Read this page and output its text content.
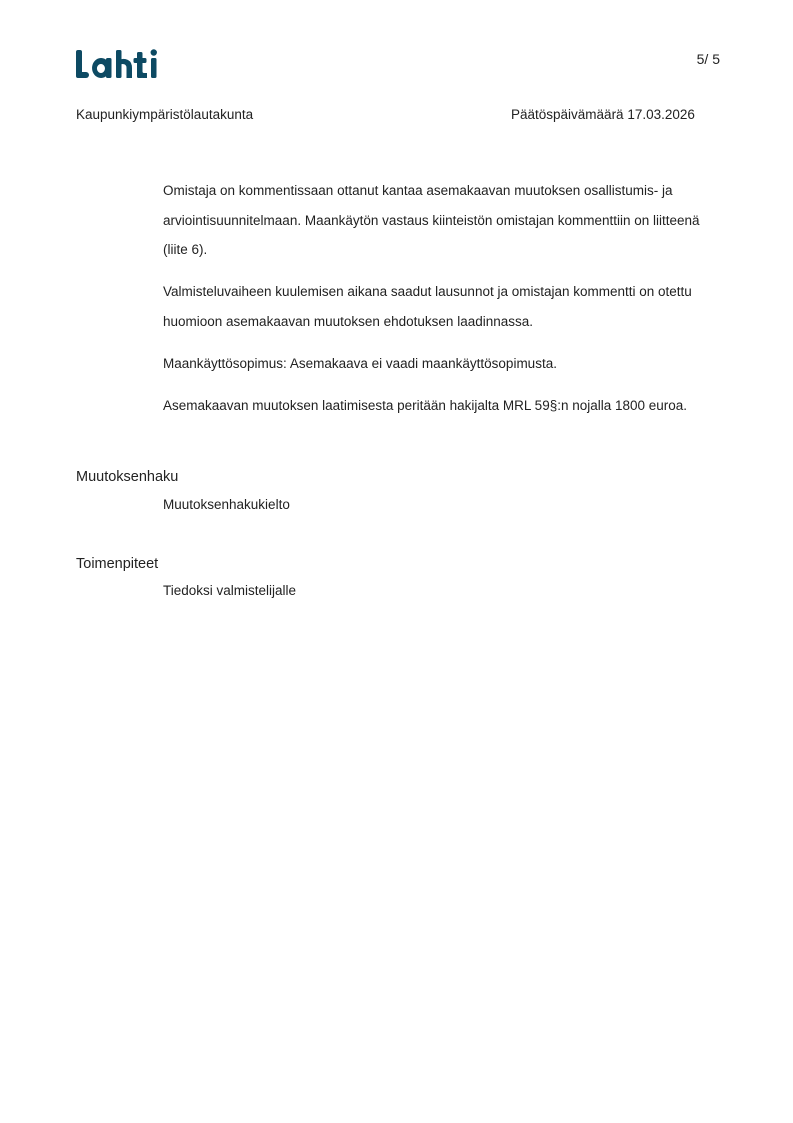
5/ 5
Kaupunkiympäristölautakunta	Päätöspäivämäärä 17.03.2026

Omistaja on kommentissaan ottanut kantaa asemakaavan muutoksen osallistumis- ja arviointisuunnitelmaan. Maankäytön vastaus kiinteistön omistajan kommenttiin on liitteenä (liite 6).

Valmisteluvaiheen kuulemisen aikana saadut lausunnot ja omistajan kommentti on otettu huomioon asemakaavan muutoksen ehdotuksen laadinnassa.

Maankäyttösopimus: Asemakaava ei vaadi maankäyttösopimusta.

Asemakaavan muutoksen laatimisesta peritään hakijalta MRL 59§:n nojalla 1800 euroa.

Muutoksenhaku
Muutoksenhakukielto
Toimenpiteet
Tiedoksi valmistelijalle
